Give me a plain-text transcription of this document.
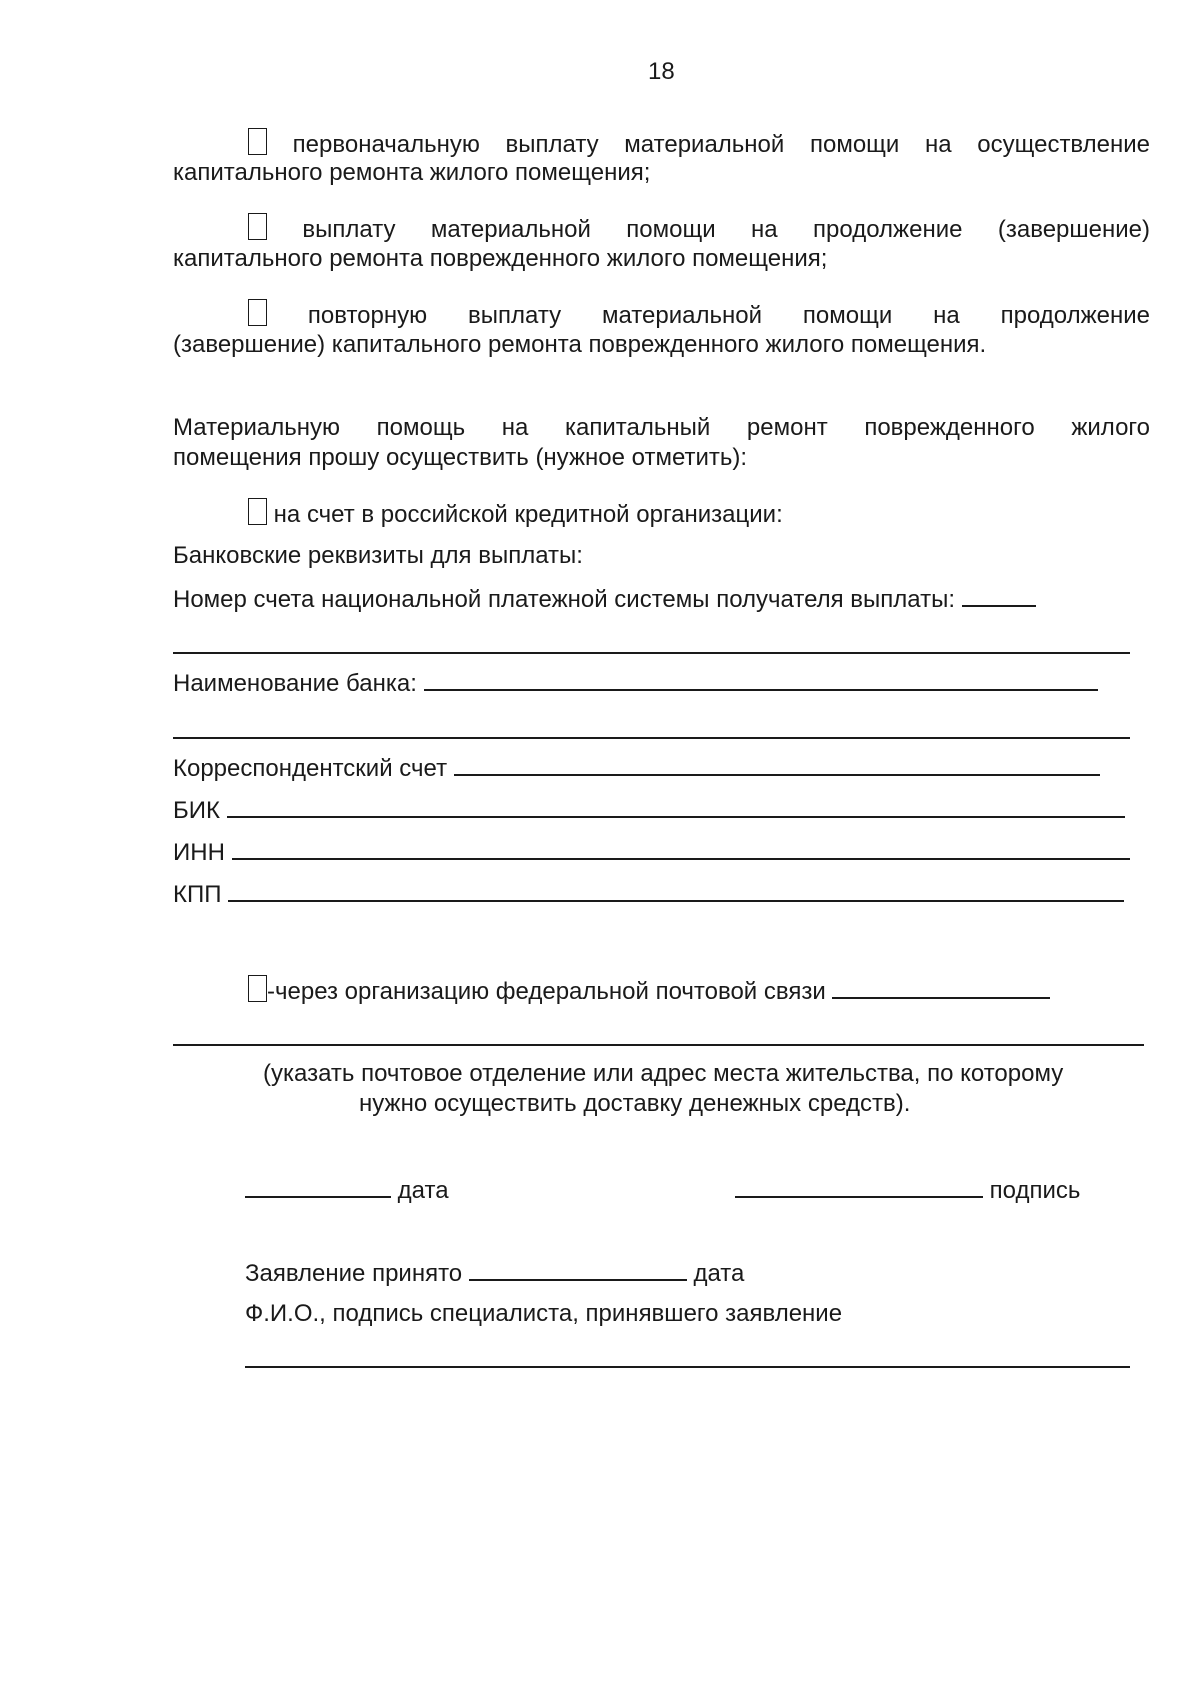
18
первоначальную выплату материальной помощи на осуществление
капитального ремонта жилого помещения;
выплату материальной помощи на продолжение (завершение)
капитального ремонта поврежденного жилого помещения;
повторную выплату материальной помощи на продолжение
(завершение) капитального ремонта поврежденного жилого помещения.
Материальную помощь на капитальный ремонт поврежденного жилого
помещения прошу осуществить (нужное отметить):
на счет в российской кредитной организации:
Банковские реквизиты для выплаты:
Номер счета национальной платежной системы получателя выплаты:
Наименование банка:
Корреспондентский счет
БИК
ИНН
КПП
-через организацию федеральной почтовой связи
(указать почтовое отделение или адрес места жительства, по которому
нужно осуществить доставку денежных средств).
дата	подпись
Заявление принято	дата
Ф.И.О., подпись специалиста, принявшего заявление
